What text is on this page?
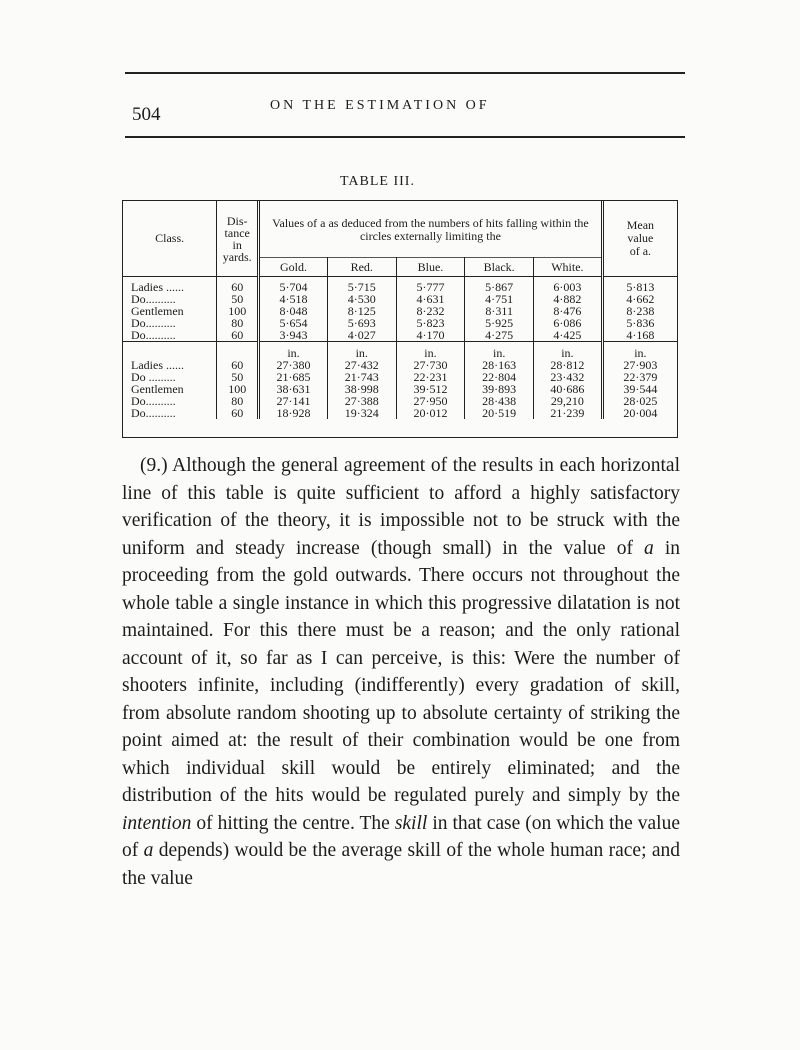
504	ON THE ESTIMATION OF
TABLE III.
Class.	Dis-
tance
in
yards.	Values of a as deduced from the numbers of hits falling within the circles externally limiting the					Mean
value
of a.
		Gold.	Red.	Blue.	Black.	White.	

Ladies ......	60	5·704	5·715	5·777	5·867	6·003	5·813
Do..........	50	4·518	4·530	4·631	4·751	4·882	4·662
Gentlemen	100	8·048	8·125	8·232	8·311	8·476	8·238
Do..........	80	5·654	5·693	5·823	5·925	6·086	5·836
Do..........	60	3·943	4·027	4·170	4·275	4·425	4·168

		in.	in.	in.	in.	in.	in.
Ladies ......	60	27·380	27·432	27·730	28·163	28·812	27·903
Do .........	50	21·685	21·743	22·231	22·804	23·432	22·379
Gentlemen	100	38·631	38·998	39·512	39·893	40·686	39·544
Do..........	80	27·141	27·388	27·950	28·438	29,210	28·025
Do..........	60	18·928	19·324	20·012	20·519	21·239	20·004

(9.) Although the general agreement of the results in each horizontal line of this table is quite sufficient to afford a highly satisfactory verification of the theory, it is impossible not to be struck with the uniform and steady increase (though small) in the value of a in proceeding from the gold outwards. There occurs not throughout the whole table a single instance in which this progressive dilatation is not maintained. For this there must be a reason; and the only rational account of it, so far as I can perceive, is this: Were the number of shooters infinite, including (indifferently) every gradation of skill, from absolute random shooting up to absolute certainty of striking the point aimed at: the result of their combination would be one from which individual skill would be entirely eliminated; and the distribution of the hits would be regulated purely and simply by the intention of hitting the centre. The skill in that case (on which the value of a depends) would be the average skill of the whole human race; and the value
